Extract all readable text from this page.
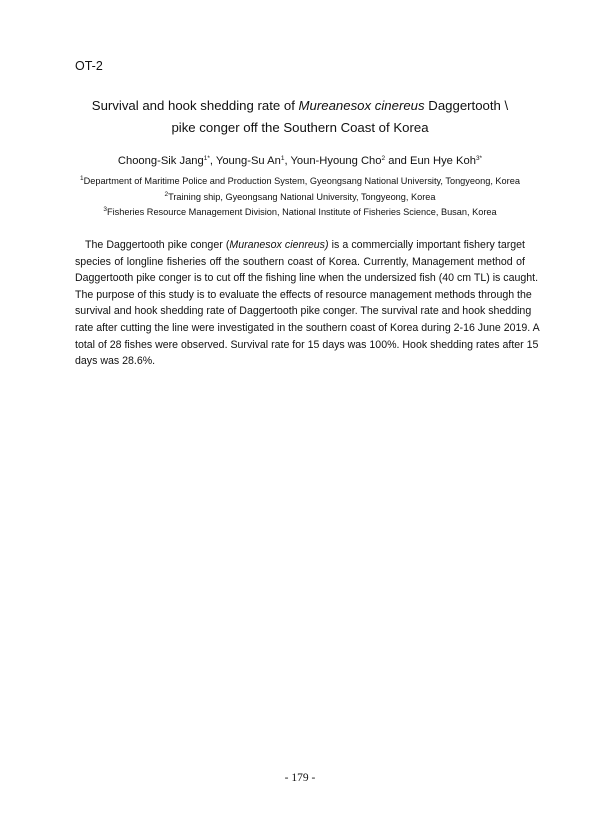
OT-2
Survival and hook shedding rate of Mureanesox cinereus Daggertooth \
pike conger off the Southern Coast of Korea
Choong-Sik Jang$^{1*}$, Young-Su An$^1$, Youn-Hyoung Cho$^2$ and Eun Hye Koh$^{3*}$
$^1$Department of Maritime Police and Production System, Gyeongsang National University, Tongyeong, Korea
$^2$Training ship, Gyeongsang National University, Tongyeong, Korea
$^3$Fisheries Resource Management Division, National Institute of Fisheries Science, Busan, Korea
The Daggertooth pike conger (Muranesox cienreus) is a commercially important fishery target
species of longline fisheries off the southern coast of Korea. Currently, Management method of
Daggertooth pike conger is to cut off the fishing line when the undersized fish (40 cm TL) is caught.
The purpose of this study is to evaluate the effects of resource management methods through the
survival and hook shedding rate of Daggertooth pike conger. The survival rate and hook shedding
rate after cutting the line were investigated in the southern coast of Korea during 2-16 June 2019. A
total of 28 fishes were observed. Survival rate for 15 days was 100%. Hook shedding rates after 15
days was 28.6%.
- 179 -
